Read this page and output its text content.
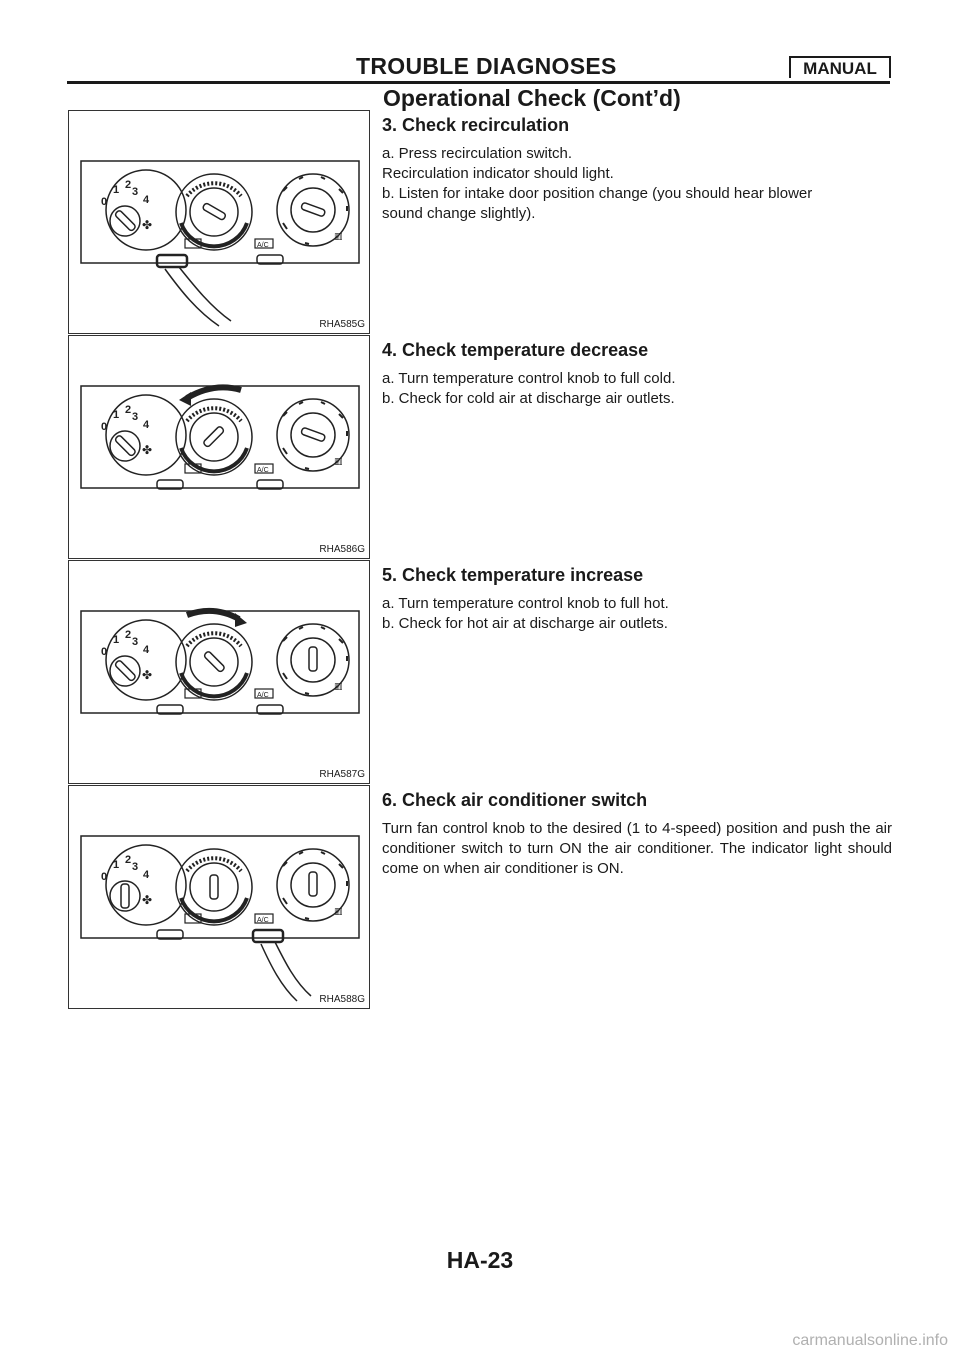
TROUBLE DIAGNOSES	MANUAL
Operational Check (Cont’d)
0
1 2
3
4
✤
▥
A/C
RHA585G
0
1 2
3
4
✤
▥
A/C
RHA586G
0
1 2
3
4
✤
▥
A/C
RHA587G
0
1 2
3
4
✤
▥
A/C
RHA588G
3. Check recirculation
a. Press recirculation switch.
Recirculation indicator should light.
b. Listen for intake door position change (you should hear blower
sound change slightly).
4. Check temperature decrease
a. Turn temperature control knob to full cold.
b. Check for cold air at discharge air outlets.
5. Check temperature increase
a. Turn temperature control knob to full hot.
b. Check for hot air at discharge air outlets.
6. Check air conditioner switch
Turn fan control knob to the desired (1 to 4-speed) position and push the air conditioner switch to turn ON the air conditioner. The indicator light should come on when air conditioner is ON.
HA-23
carmanualsonline.info
